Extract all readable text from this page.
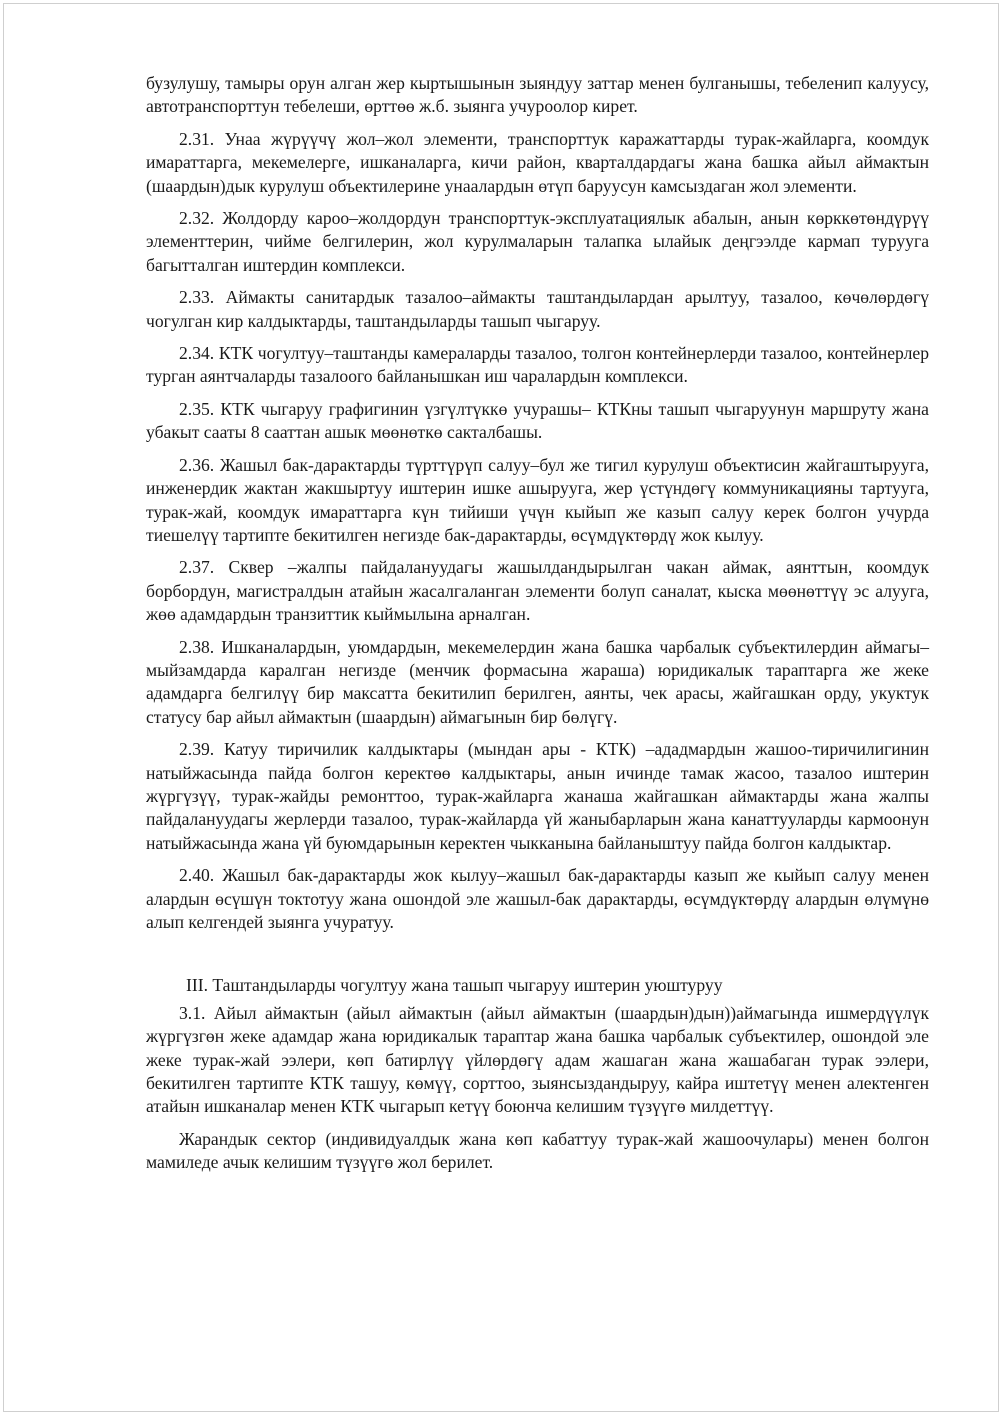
бузулушу, тамыры орун алган жер кыртышынын зыяндуу заттар менен булганышы, тебеленип калуусу, автотранспорттун тебелеши, өрттөө ж.б. зыянга учуроолор кирет.

2.31. Унаа жүрүүчү жол–жол элементи, транспорттук каражаттарды турак-жайларга, коомдук имараттарга, мекемелерге, ишканаларга, кичи район, кварталдардагы жана башка айыл аймактын (шаардын)дык курулуш объектилерине унаалардын өтүп баруусун камсыздаган жол элементи.

2.32. Жолдорду кароо–жолдордун транспорттук-эксплуатациялык абалын, анын көрккөтөндүрүү элементтерин, чийме белгилерин, жол курулмаларын талапка ылайык деңгээлде кармап турууга багытталган иштердин комплекси.

2.33. Аймакты санитардык тазалоо–аймакты таштандылардан арылтуу, тазалоо, көчөлөрдөгү чогулган кир калдыктарды, таштандыларды ташып чыгаруу.

2.34. КТК чогултуу–таштанды камераларды тазалоо, толгон контейнерлерди тазалоо, контейнерлер турган аянтчаларды тазалоого байланышкан иш чаралардын комплекси.

2.35. КТК чыгаруу графигинин үзгүлтүккө учурашы– КТКны ташып чыгаруунун маршруту жана убакыт сааты 8 сааттан ашык мөөнөткө сакталбашы.

2.36. Жашыл бак-дарактарды түрттүрүп салуу–бул же тигил курулуш объектисин жайгаштырууга, инженердик жактан жакшыртуу иштерин ишке ашырууга, жер үстүндөгү коммуникацияны тартууга, турак-жай, коомдук имараттарга күн тийиши үчүн кыйып же казып салуу керек болгон учурда тиешелүү тартипте бекитилген негизде бак-дарактарды, өсүмдүктөрдү жок кылуу.

2.37. Сквер –жалпы пайдалануудагы жашылдандырылган чакан аймак, аянттын, коомдук борбордун, магистралдын атайын жасалгаланган элементи болуп саналат, кыска мөөнөттүү эс алууга, жөө адамдардын транзиттик кыймылына арналган.

2.38. Ишканалардын, уюмдардын, мекемелердин жана башка чарбалык субъектилердин аймагы–мыйзамдарда каралган негизде (менчик формасына жараша) юридикалык тараптарга же жеке адамдарга белгилүү бир максатта бекитилип берилген, аянты, чек арасы, жайгашкан орду, укуктук статусу бар айыл аймактын (шаардын) аймагынын бир бөлүгү.

2.39. Катуу тиричилик калдыктары (мындан ары - КТК) –ададмардын жашоо-тиричилигинин натыйжасында пайда болгон керектөө калдыктары, анын ичинде тамак жасоо, тазалоо иштерин жүргүзүү, турак-жайды ремонттоо, турак-жайларга жанаша жайгашкан аймактарды жана жалпы пайдалануудагы жерлерди тазалоо, турак-жайларда үй жаныбарларын жана канаттууларды кармоонун натыйжасында жана үй буюмдарынын керектен чыкканына байланыштуу пайда болгон калдыктар.

2.40. Жашыл бак-дарактарды жок кылуу–жашыл бак-дарактарды казып же кыйып салуу менен алардын өсүшүн токтотуу жана ошондой эле жашыл-бак дарактарды, өсүмдүктөрдү алардын өлүмүнө алып келгендей зыянга учуратуу.

III. Таштандыларды чогултуу жана ташып чыгаруу иштерин уюштуруу

3.1. Айыл аймактын (айыл аймактын (айыл аймактын (шаардын)дын))аймагында ишмердүүлүк жүргүзгөн жеке адамдар жана юридикалык тараптар жана башка чарбалык субъектилер, ошондой эле жеке турак-жай ээлери, көп батирлүү үйлөрдөгү адам жашаган жана жашабаган турак ээлери, бекитилген тартипте КТК ташуу, көмүү, сорттоо, зыянсыздандыруу, кайра иштетүү менен алектенген атайын ишканалар менен КТК чыгарып кетүү боюнча келишим түзүүгө милдеттүү.

Жарандык сектор (индивидуалдык жана көп кабаттуу турак-жай жашоочулары) менен болгон мамиледе ачык келишим түзүүгө жол берилет.
